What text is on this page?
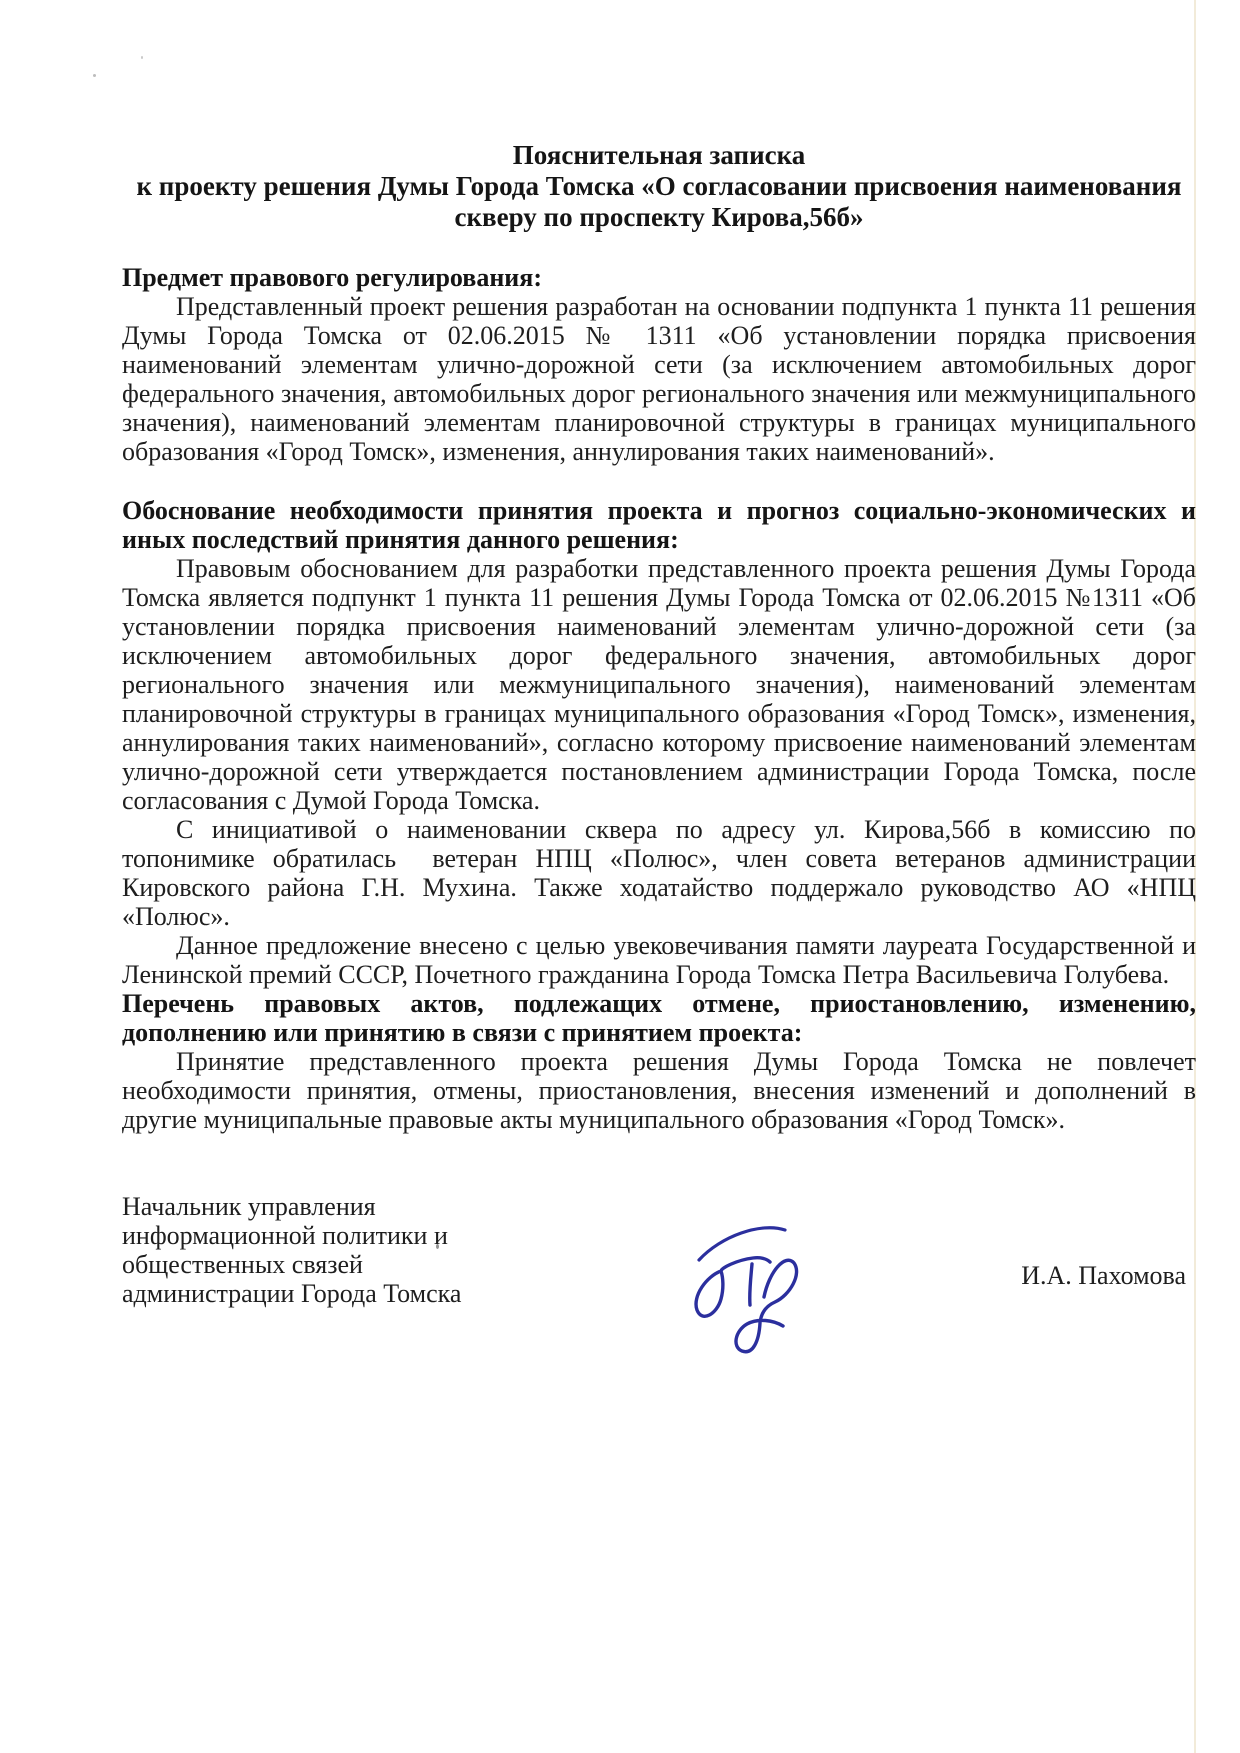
Пояснительная записка
к проекту решения Думы Города Томска «О согласовании присвоения наименования
скверу по проспекту Кирова,56б»

Предмет правового регулирования:

Представленный проект решения разработан на основании подпункта 1 пункта 11 решения Думы Города Томска от 02.06.2015 № 1311 «Об установлении порядка присвоения наименований элементам улично-дорожной сети (за исключением автомобильных дорог федерального значения, автомобильных дорог регионального значения или межмуниципального значения), наименований элементам планировочной структуры в границах муниципального образования «Город Томск», изменения, аннулирования таких наименований».

Обоснование необходимости принятия проекта и прогноз социально-экономических и иных последствий принятия данного решения:

Правовым обоснованием для разработки представленного проекта решения Думы Города Томска является подпункт 1 пункта 11 решения Думы Города Томска от 02.06.2015 №1311 «Об установлении порядка присвоения наименований элементам улично-дорожной сети (за исключением автомобильных дорог федерального значения, автомобильных дорог регионального значения или межмуниципального значения), наименований элементам планировочной структуры в границах муниципального образования «Город Томск», изменения, аннулирования таких наименований», согласно которому присвоение наименований элементам улично-дорожной сети утверждается постановлением администрации Города Томска, после согласования с Думой Города Томска.

С инициативой о наименовании сквера по адресу ул. Кирова,56б в комиссию по топонимике обратилась  ветеран НПЦ «Полюс», член совета ветеранов администрации Кировского района Г.Н. Мухина. Также ходатайство поддержало руководство АО «НПЦ «Полюс».

Данное предложение внесено с целью увековечивания памяти лауреата Государственной и Ленинской премий СССР, Почетного гражданина Города Томска Петра Васильевича Голубева.

Перечень правовых актов, подлежащих отмене, приостановлению, изменению, дополнению или принятию в связи с принятием проекта:

Принятие представленного проекта решения Думы Города Томска не повлечет необходимости принятия, отмены, приостановления, внесения изменений и дополнений в другие муниципальные правовые акты муниципального образования «Город Томск».

Начальник управления
информационной политики и
общественных связей
администрации Города Томска
И.А. Пахомова
